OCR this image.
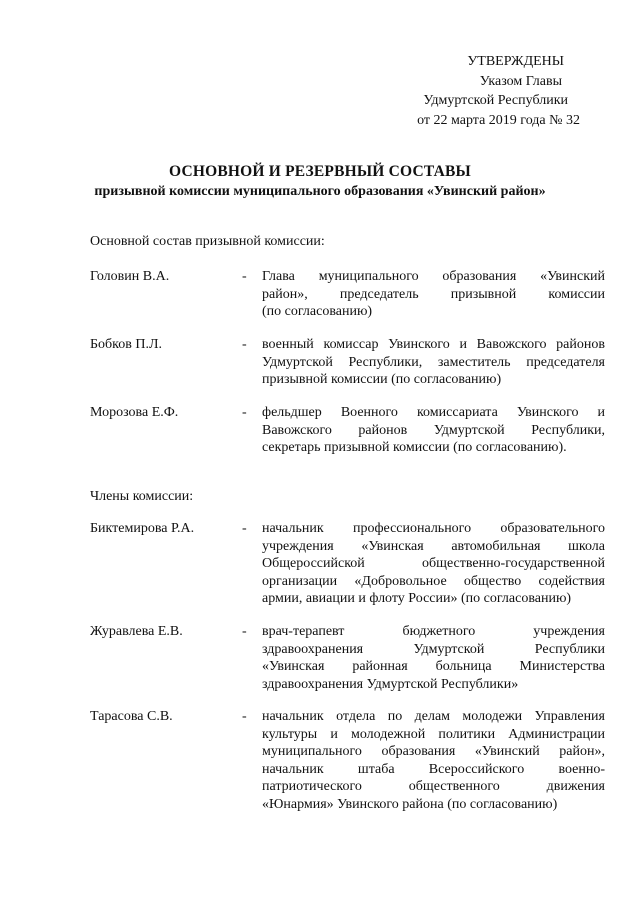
УТВЕРЖДЕНЫ
Указом Главы
Удмуртской Республики
от 22 марта 2019 года № 32

ОСНОВНОЙ И РЕЗЕРВНЫЙ СОСТАВЫ

призывной комиссии муниципального образования «Увинский район»

Основной состав призывной комиссии:
Головин В.А.	- Глава муниципального образования «Увинский
район», председатель призывной комиссии
(по согласованию)
Бобков П.Л.	- военный комиссар Увинского и Вавожского районов
Удмуртской Республики, заместитель председателя
призывной комиссии (по согласованию)
Морозова Е.Ф.	- фельдшер Военного комиссариата Увинского и
Вавожского районов Удмуртской Республики,
секретарь призывной комиссии (по согласованию).
Члены комиссии:
Биктемирова Р.А.	- начальник профессионального образовательного
учреждения «Увинская автомобильная школа
Общероссийской общественно-государственной
организации «Добровольное общество содействия
армии, авиации и флоту России» (по согласованию)
Журавлева Е.В.	- врач-терапевт бюджетного учреждения
здравоохранения Удмуртской Республики
«Увинская районная больница Министерства
здравоохранения Удмуртской Республики»
Тарасова С.В.	- начальник отдела по делам молодежи Управления
культуры и молодежной политики Администрации
муниципального образования «Увинский район»,
начальник штаба Всероссийского военно-
патриотического общественного движения
«Юнармия» Увинского района (по согласованию)
